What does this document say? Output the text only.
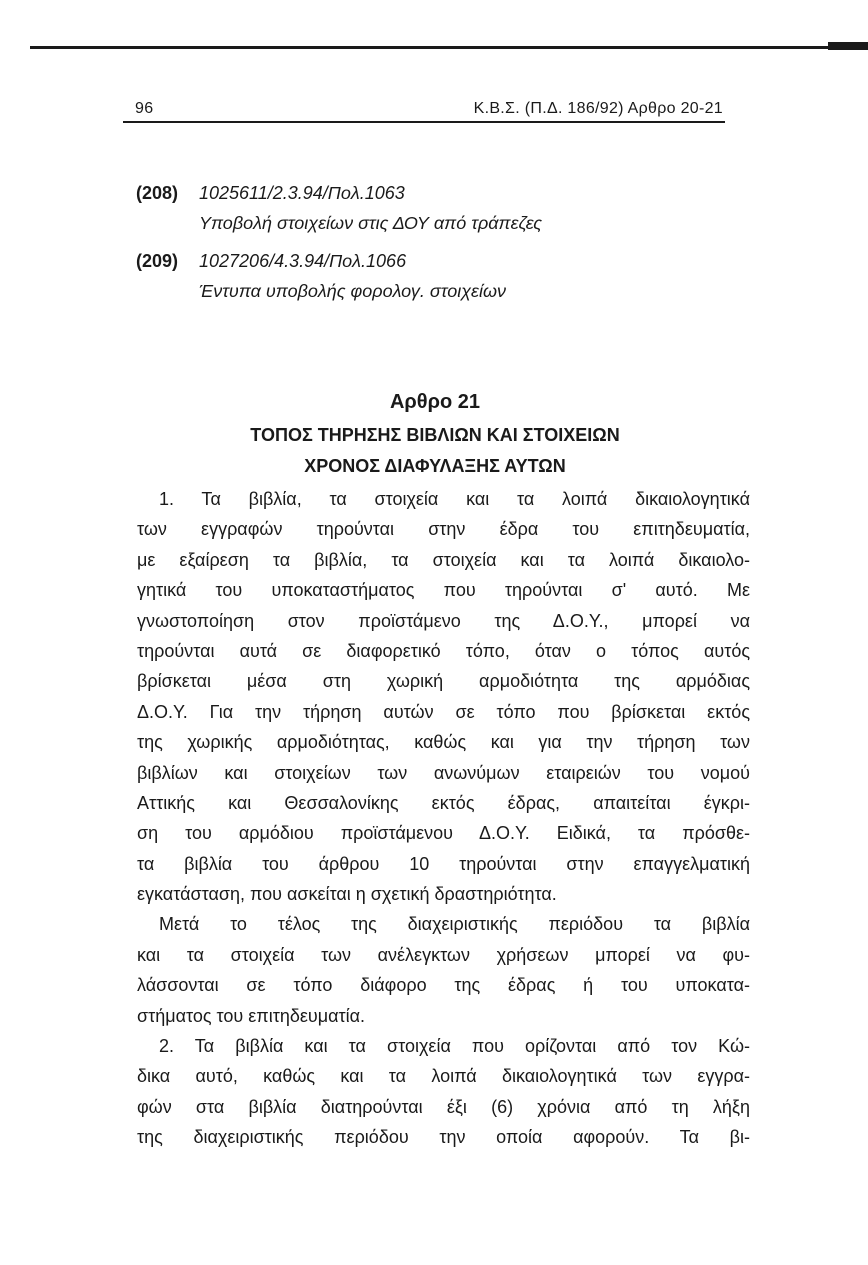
96	Κ.Β.Σ. (Π.Δ. 186/92) Αρθρο 20-21
(208) 1025611/2.3.94/Πολ.1063
Υποβολή στοιχείων στις ΔΟΥ από τράπεζες
(209) 1027206/4.3.94/Πολ.1066
Έντυπα υποβολής φορολογ. στοιχείων
Αρθρο 21
ΤΟΠΟΣ ΤΗΡΗΣΗΣ ΒΙΒΛΙΩΝ ΚΑΙ ΣΤΟΙΧΕΙΩΝ
ΧΡΟΝΟΣ ΔΙΑΦΥΛΑΞΗΣ ΑΥΤΩΝ
1. Τα βιβλία, τα στοιχεία και τα λοιπά δικαιολογητικά
των εγγραφών τηρούνται στην έδρα του επιτηδευματία,
με εξαίρεση τα βιβλία, τα στοιχεία και τα λοιπά δικαιολο-
γητικά του υποκαταστήματος που τηρούνται σ' αυτό. Με
γνωστοποίηση στον προϊστάμενο της Δ.Ο.Υ., μπορεί να
τηρούνται αυτά σε διαφορετικό τόπο, όταν ο τόπος αυτός
βρίσκεται μέσα στη χωρική αρμοδιότητα της αρμόδιας
Δ.Ο.Υ. Για την τήρηση αυτών σε τόπο που βρίσκεται εκτός
της χωρικής αρμοδιότητας, καθώς και για την τήρηση των
βιβλίων και στοιχείων των ανωνύμων εταιρειών του νομού
Αττικής και Θεσσαλονίκης εκτός έδρας, απαιτείται έγκρι-
ση του αρμόδιου προϊστάμενου Δ.Ο.Υ. Ειδικά, τα πρόσθε-
τα βιβλία του άρθρου 10 τηρούνται στην επαγγελματική
εγκατάσταση, που ασκείται η σχετική δραστηριότητα.
Μετά το τέλος της διαχειριστικής περιόδου τα βιβλία
και τα στοιχεία των ανέλεγκτων χρήσεων μπορεί να φυ-
λάσσονται σε τόπο διάφορο της έδρας ή του υποκατα-
στήματος του επιτηδευματία.
2. Τα βιβλία και τα στοιχεία που ορίζονται από τον Κώ-
δικα αυτό, καθώς και τα λοιπά δικαιολογητικά των εγγρα-
φών στα βιβλία διατηρούνται έξι (6) χρόνια από τη λήξη
της διαχειριστικής περιόδου την οποία αφορούν. Τα βι-
